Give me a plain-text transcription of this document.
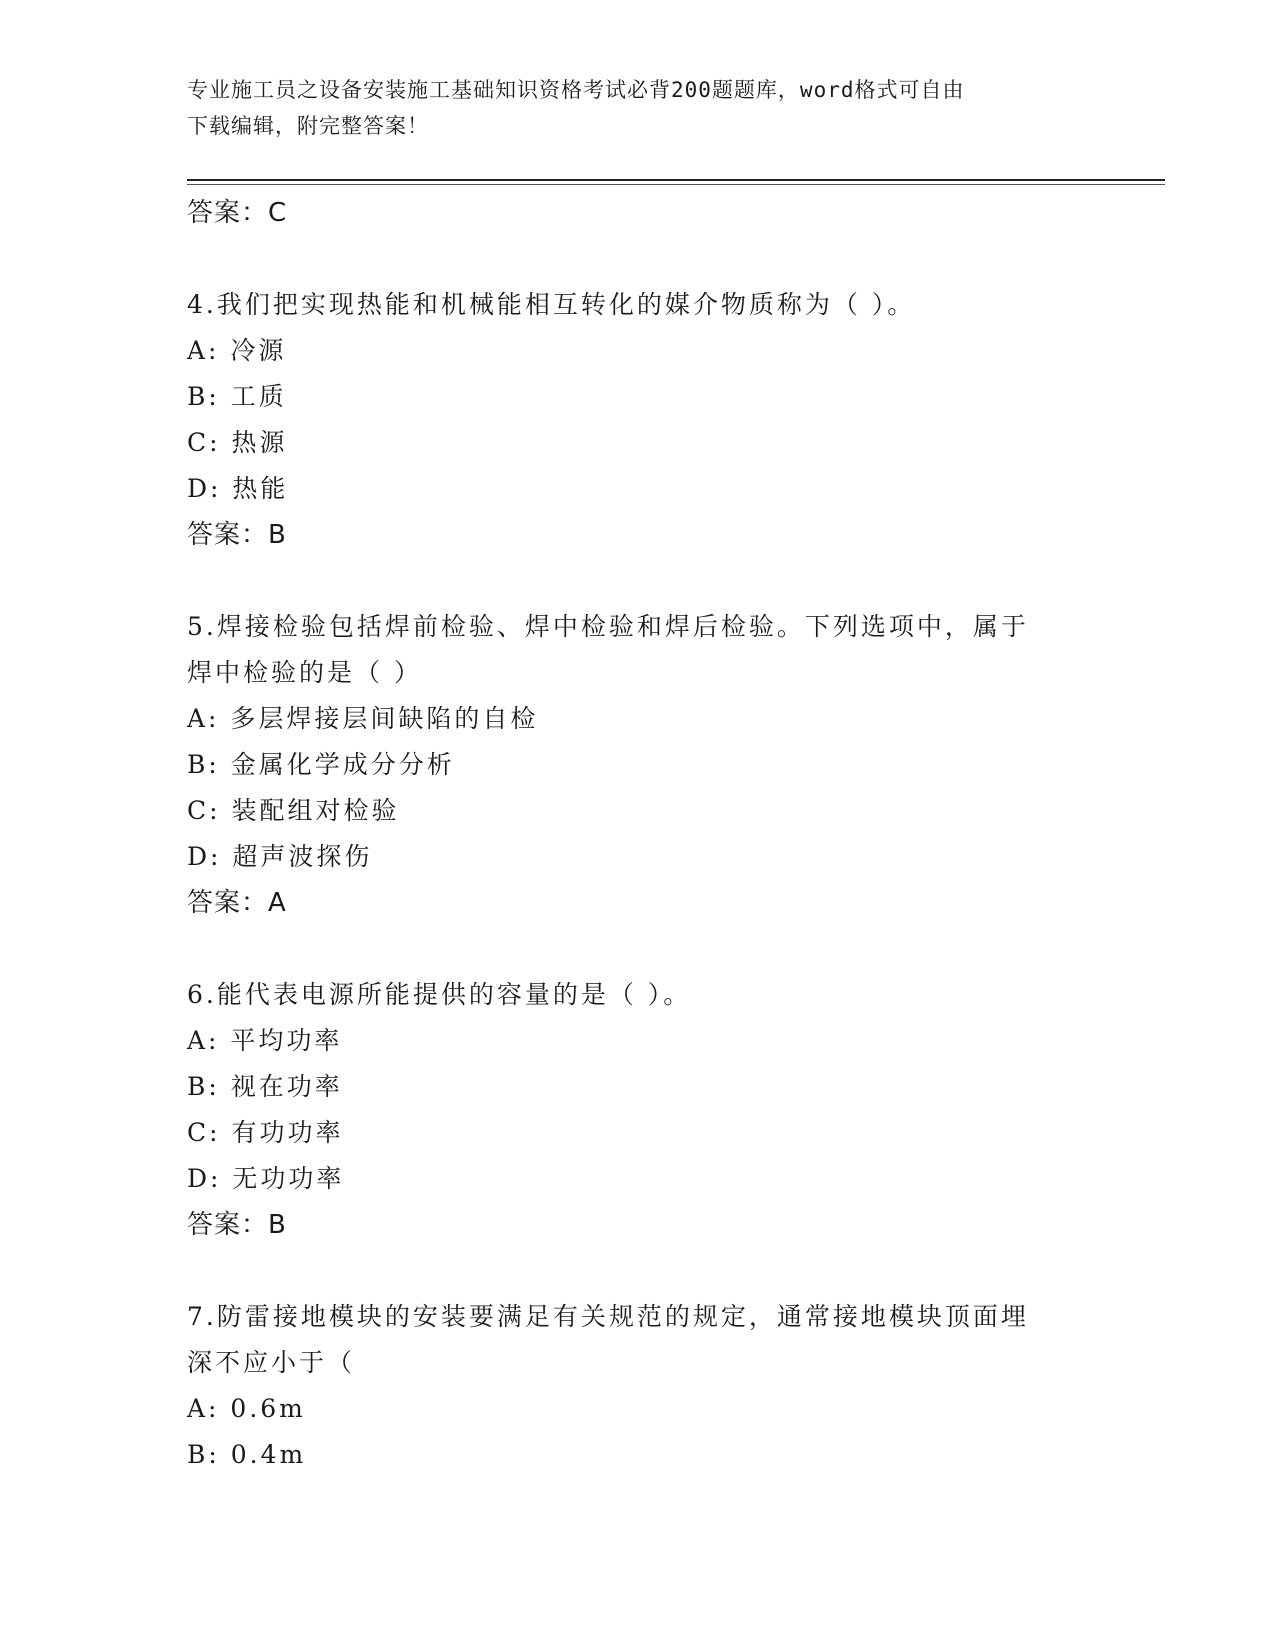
专业施工员之设备安装施工基础知识资格考试必背200题题库，word格式可自由
下载编辑，附完整答案！
答案：C
4.我们把实现热能和机械能相互转化的媒介物质称为（ ）。
A: 冷源
B: 工质
C: 热源
D: 热能
答案：B
5.焊接检验包括焊前检验、焊中检验和焊后检验。下列选项中，属于
焊中检验的是（ ）
A: 多层焊接层间缺陷的自检
B: 金属化学成分分析
C: 装配组对检验
D: 超声波探伤
答案：A
6.能代表电源所能提供的容量的是（ ）。
A: 平均功率
B: 视在功率
C: 有功功率
D: 无功功率
答案：B
7.防雷接地模块的安装要满足有关规范的规定，通常接地模块顶面埋
深不应小于（
A: 0.6m
B: 0.4m
